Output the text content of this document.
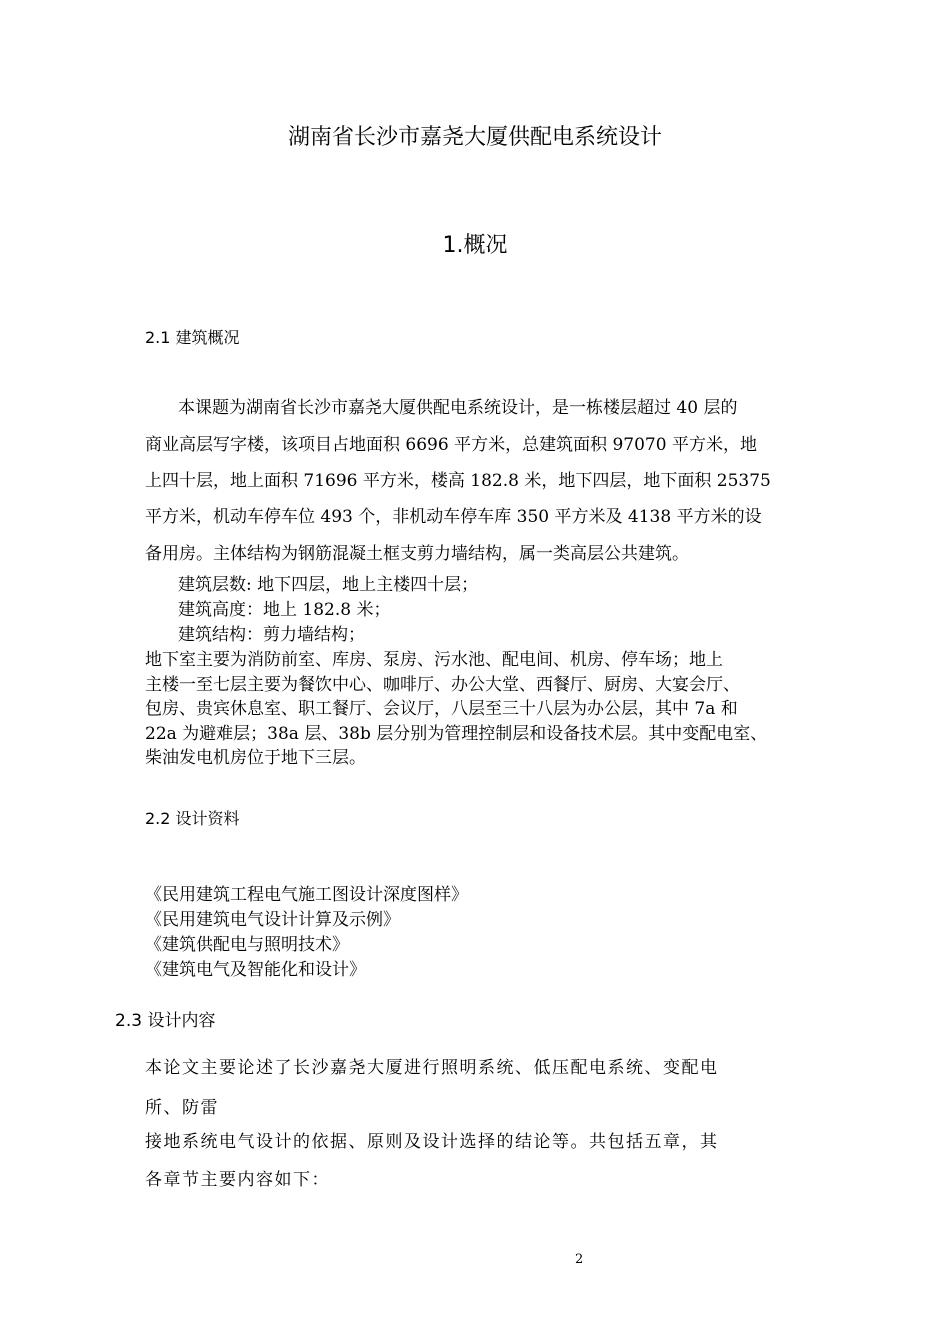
湖南省长沙市嘉尧大厦供配电系统设计
1.概况
2.1 建筑概况
本课题为湖南省长沙市嘉尧大厦供配电系统设计，是一栋楼层超过 40 层的
商业高层写字楼，该项目占地面积 6696 平方米，总建筑面积 97070 平方米，地
上四十层，地上面积 71696 平方米，楼高 182.8 米，地下四层，地下面积 25375
平方米，机动车停车位 493 个，非机动车停车库 350 平方米及 4138 平方米的设
备用房。主体结构为钢筋混凝土框支剪力墙结构，属一类高层公共建筑。
建筑层数: 地下四层，地上主楼四十层；
建筑高度：地上 182.8 米；
建筑结构：剪力墙结构；
地下室主要为消防前室、库房、泵房、污水池、配电间、机房、停车场；地上
主楼一至七层主要为餐饮中心、咖啡厅、办公大堂、西餐厅、厨房、大宴会厅、
包房、贵宾休息室、职工餐厅、会议厅，八层至三十八层为办公层，其中 7a 和
22a 为避难层；38a 层、38b 层分别为管理控制层和设备技术层。其中变配电室、
柴油发电机房位于地下三层。
2.2 设计资料
《民用建筑工程电气施工图设计深度图样》
《民用建筑电气设计计算及示例》
《建筑供配电与照明技术》
《建筑电气及智能化和设计》
2.3 设计内容
本论文主要论述了长沙嘉尧大厦进行照明系统、低压配电系统、变配电
所、防雷
接地系统电气设计的依据、原则及设计选择的结论等。共包括五章，其
各章节主要内容如下：
2
